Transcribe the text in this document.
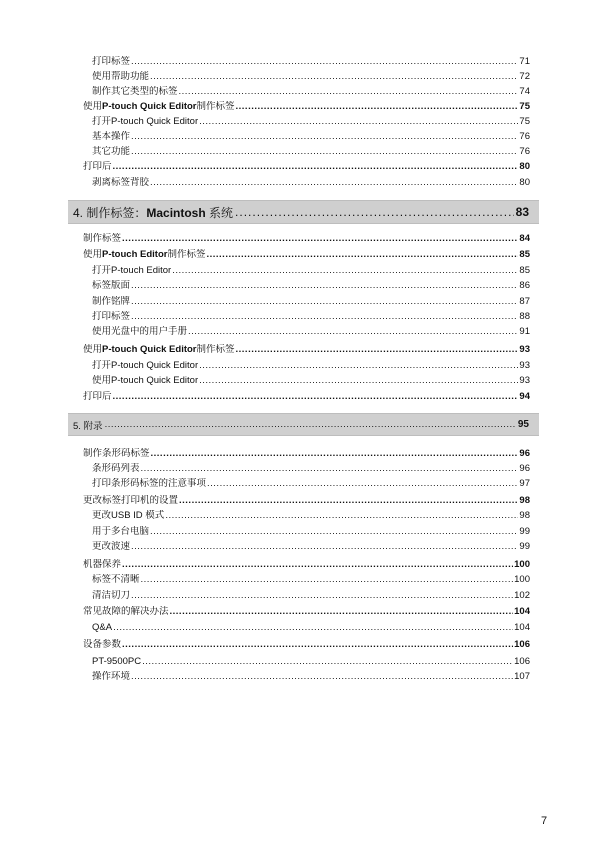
打印标签 .....	71
使用帮助功能 .....	72
制作其它类型的标签 .....	74
使用P-touch Quick Editor制作标签 .....	75
打开P-touch Quick Editor .....	75
基本操作 .....	76
其它功能 .....	76
打印后 .....	80
剥离标签背胶 .....	80
4. 制作标签：Macintosh 系统 .....	83
制作标签 .....	84
使用P-touch Editor制作标签 .....	85
打开P-touch Editor .....	85
标签版面 .....	86
制作铭牌 .....	87
打印标签 .....	88
使用光盘中的用户手册 .....	91
使用P-touch Quick Editor制作标签 .....	93
打开P-touch Quick Editor .....	93
使用P-touch Quick Editor .....	93
打印后 .....	94
5. 附录 .....	95
制作条形码标签 .....	96
条形码列表 .....	96
打印条形码标签的注意事项 .....	97
更改标签打印机的设置 .....	98
更改USB ID 模式 .....	98
用于多台电脑 .....	99
更改波速 .....	99
机器保养 .....	100
标签不清晰 .....	100
清洁切刀 .....	102
常见故障的解决办法 .....	104
Q&A .....	104
设备参数 .....	106
PT-9500PC .....	106
操作环境 .....	107
7
